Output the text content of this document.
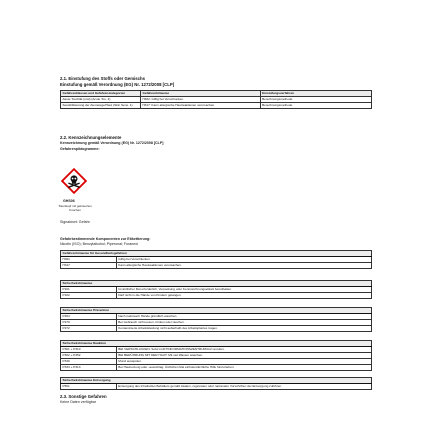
2.1. Einstufung des Stoffs oder Gemischs
Einstufung gemäß Verordnung (EG) Nr. 1272/2008 [CLP]
Gefahrenklassen und Gefahren-kategorien	Gefahrenhinweise	Einstufungsverfahren
Akute Toxizität (oral) (Acute Tox. 4)	H302: Giftig bei Verschlucken.	Berechnungsmethode
Sensibilisierung der Atemwege/Haut (Skin Sens. 1)	H317: Kann allergische Hautreaktionen verursachen.	Berechnungsmethode
2.2. Kennzeichnungselemente
Kennzeichnung gemäß Verordnung (EG) Nr. 1272/2008 [CLP]
Gefahrenpiktogramme:
GHS06
Totenkopf mit gekreuzten Knochen
Signalwort: Gefahr
Gefahrbestimmende Komponenten zur Etikettierung:
Nicotin (ISO); Benzylalkohol; Piperonal; Furaneol
Gefahrenhinweise für Gesundheitsgefahren	
H301	Giftig bei Verschlucken.
H317	Kann allergische Hautreaktionen verursachen.
Sicherheitshinweise	
P101	Ist ärztlicher Rat erforderlich, Verpackung oder Kennzeichnungsetikett bereithalten.
P102	Darf nicht in die Hände von Kindern gelangen.
Sicherheitshinweise Prävention	
P264	Nach Gebrauch Hände gründlich waschen.
P270	Bei Gebrauch nicht essen, trinken oder rauchen.
P272	Kontaminierte Arbeitskleidung nicht außerhalb des Arbeitsplatzes tragen.
Sicherheitshinweise Reaktion	
P301 + P310	BEI VERSCHLUCKEN: Sofort GIFTINFORMATIONSZENTRUM/Arzt anrufen.
P302 + P352	BEI BERÜHRUNG MIT DER HAUT: Mit viel Wasser waschen.
P330	Mund ausspülen.
P333 + P313	Bei Hautreizung oder -ausschlag: Ärztlichen Rat einholen/ärztliche Hilfe hinzuziehen.
Sicherheitshinweise Entsorgung
P501	Entsorgung des Inhalts/des Behälters gemäß lokalen, regionalen oder nationalen Vorschriften der Entsorgung zuführen.
2.3. Sonstige Gefahren
Keine Daten verfügbar
